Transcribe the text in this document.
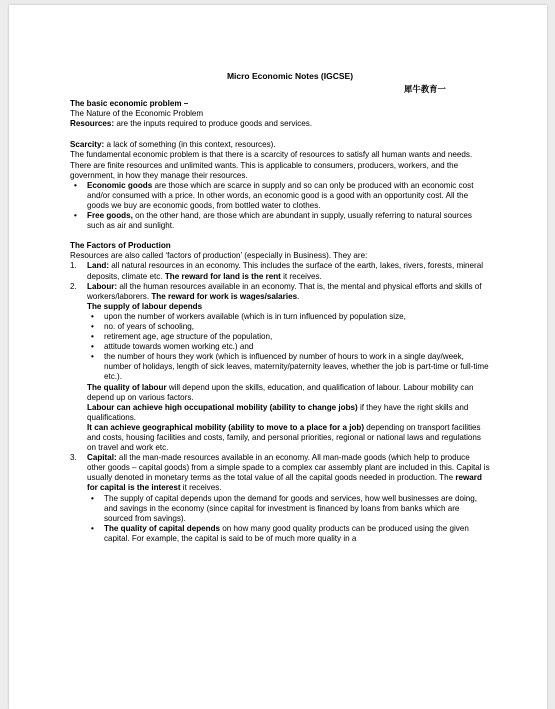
犀牛教育一

Micro Economic Notes (IGCSE)

The basic economic problem –

The Nature of the Economic Problem

Resources: are the inputs required to produce goods and services.

Scarcity: a lack of something (in this context, resources).

The fundamental economic problem is that there is a scarcity of resources to satisfy all human wants and needs. There are finite resources and unlimited wants. This is applicable to consumers, producers, workers, and the government, in how they manage their resources.

• Economic goods are those which are scarce in supply and so can only be produced with an economic cost and/or consumed with a price. In other words, an economic good is a good with an opportunity cost. All the goods we buy are economic goods, from bottled water to clothes.
• Free goods, on the other hand, are those which are abundant in supply, usually referring to natural sources such as air and sunlight.

The Factors of Production

Resources are also called ‘factors of production’ (especially in Business). They are:

1. Land: all natural resources in an economy. This includes the surface of the earth, lakes, rivers, forests, mineral deposits, climate etc. The reward for land is the rent it receives.
2. Labour: all the human resources available in an economy. That is, the mental and physical efforts and skills of workers/laborers. The reward for work is wages/salaries.

The supply of labour depends

• upon the number of workers available (which is in turn influenced by population size,
• no. of years of schooling,
• retirement age, age structure of the population,
• attitude towards women working etc.) and
• the number of hours they work (which is influenced by number of hours to work in a single day/week, number of holidays, length of sick leaves, maternity/paternity leaves, whether the job is part-time or full-time etc.).

The quality of labour will depend upon the skills, education, and qualification of labour. Labour mobility can depend up on various factors.

Labour can achieve high occupational mobility (ability to change jobs) if they have the right skills and qualifications.

It can achieve geographical mobility (ability to move to a place for a job) depending on transport facilities and costs, housing facilities and costs, family, and personal priorities, regional or national laws and regulations on travel and work etc.

3. Capital: all the man-made resources available in an economy. All man-made goods (which help to produce other goods – capital goods) from a simple spade to a complex car assembly plant are included in this. Capital is usually denoted in monetary terms as the total value of all the capital goods needed in production. The reward for capital is the interest it receives.
• The supply of capital depends upon the demand for goods and services, how well businesses are doing, and savings in the economy (since capital for investment is financed by loans from banks which are sourced from savings).
• The quality of capital depends on how many good quality products can be produced using the given capital. For example, the capital is said to be of much more quality in a
